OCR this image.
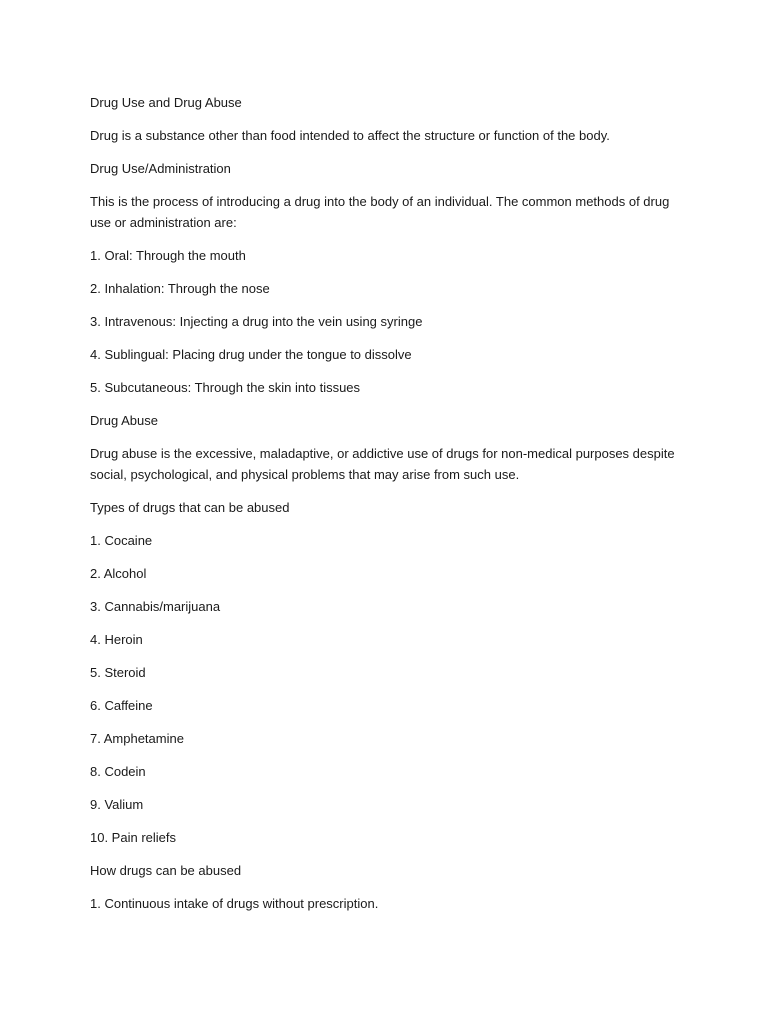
Drug Use and Drug Abuse

Drug is a substance other than food intended to affect the structure or function of the body.

Drug Use/Administration

This is the process of introducing a drug into the body of an individual. The common methods of drug use or administration are:

1. Oral: Through the mouth

2. Inhalation: Through the nose

3. Intravenous: Injecting a drug into the vein using syringe

4. Sublingual: Placing drug under the tongue to dissolve

5. Subcutaneous: Through the skin into tissues

Drug Abuse

Drug abuse is the excessive, maladaptive, or addictive use of drugs for non-medical purposes despite social, psychological, and physical problems that may arise from such use.

Types of drugs that can be abused

1. Cocaine

2. Alcohol

3. Cannabis/marijuana

4. Heroin

5. Steroid

6. Caffeine

7. Amphetamine

8. Codein

9. Valium

10. Pain reliefs

How drugs can be abused

1. Continuous intake of drugs without prescription.
